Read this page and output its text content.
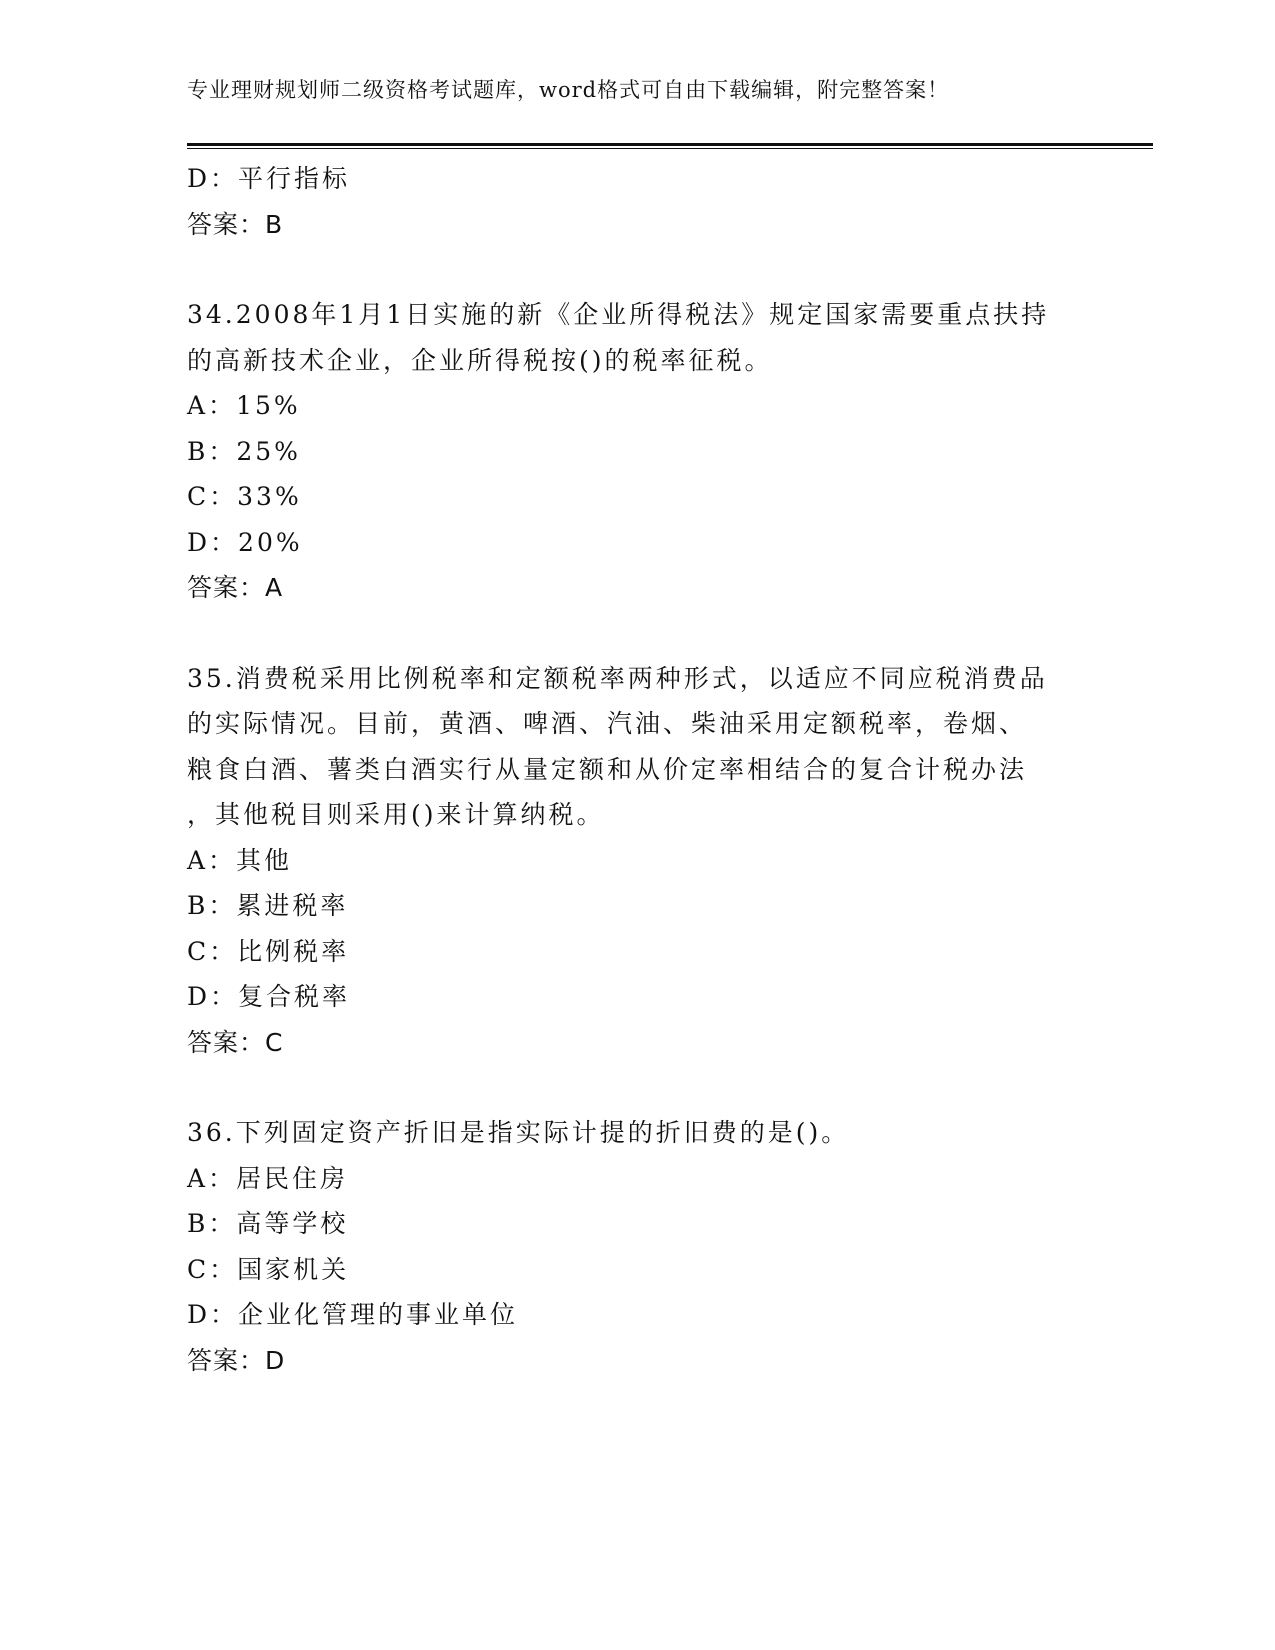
专业理财规划师二级资格考试题库，word格式可自由下载编辑，附完整答案！
D：平行指标
答案：B
34.2008年1月1日实施的新《企业所得税法》规定国家需要重点扶持
的高新技术企业，企业所得税按()的税率征税。
A：15%
B：25%
C：33%
D：20%
答案：A
35.消费税采用比例税率和定额税率两种形式，以适应不同应税消费品
的实际情况。目前，黄酒、啤酒、汽油、柴油采用定额税率，卷烟、
粮食白酒、薯类白酒实行从量定额和从价定率相结合的复合计税办法
，其他税目则采用()来计算纳税。
A：其他
B：累进税率
C：比例税率
D：复合税率
答案：C
36.下列固定资产折旧是指实际计提的折旧费的是()。
A：居民住房
B：高等学校
C：国家机关
D：企业化管理的事业单位
答案：D
